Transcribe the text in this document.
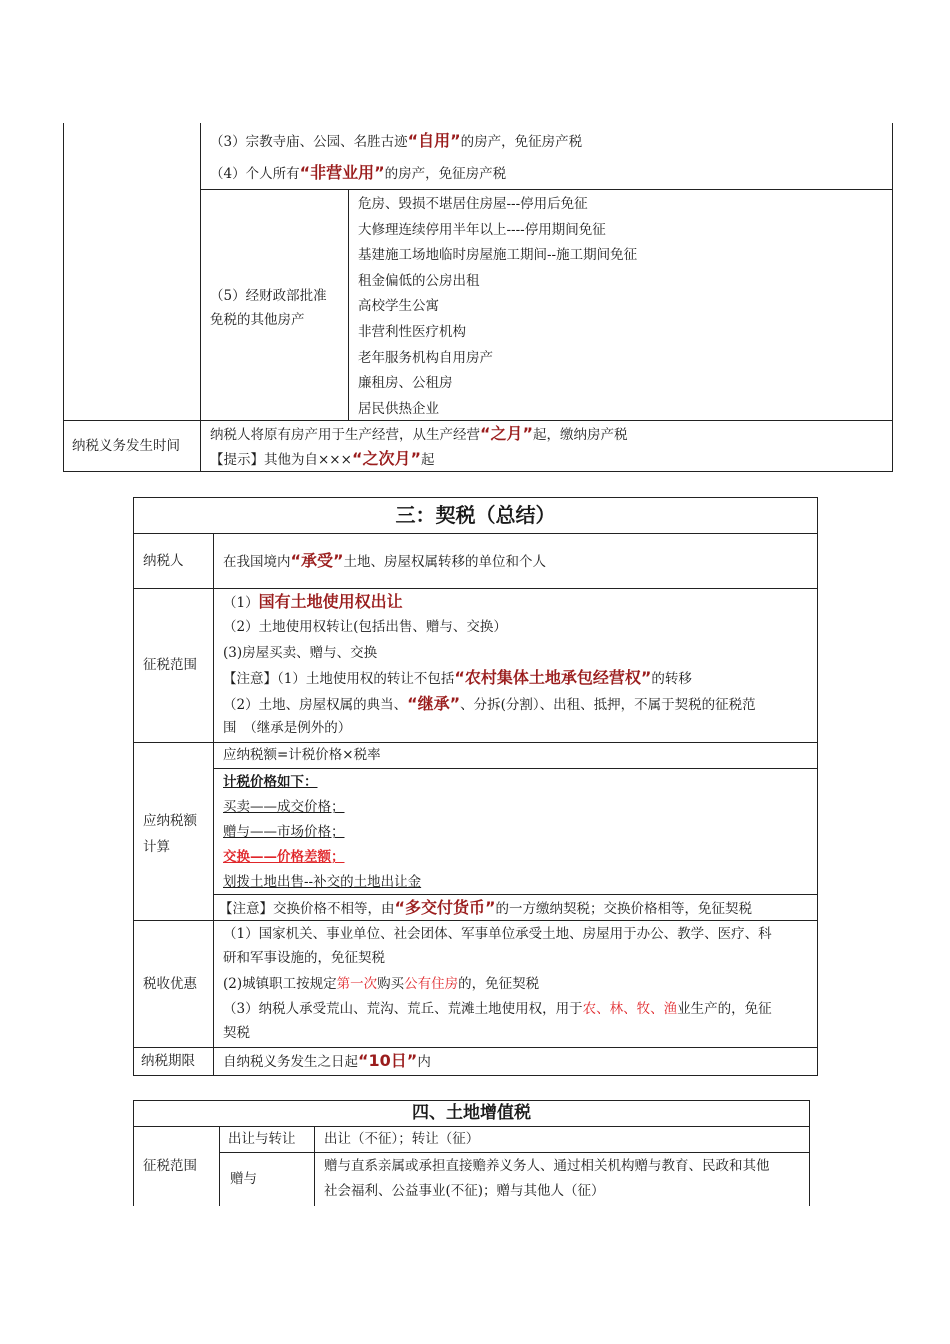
（3）宗教寺庙、公园、名胜古迹“自用”的房产，免征房产税
（4）个人所有“非营业用”的房产，免征房产税
（5）经财政部批准
免税的其他房产
危房、毁损不堪居住房屋---停用后免征
大修理连续停用半年以上----停用期间免征
基建施工场地临时房屋施工期间--施工期间免征
租金偏低的公房出租
高校学生公寓
非营利性医疗机构
老年服务机构自用房产
廉租房、公租房
居民供热企业
纳税义务发生时间
纳税人将原有房产用于生产经营，从生产经营“之月”起，缴纳房产税
【提示】其他为自×××“之次月”起
三：契税（总结）
纳税人	在我国境内“承受”土地、房屋权属转移的单位和个人
征税范围
（1）国有土地使用权出让
（2）土地使用权转让(包括出售、赠与、交换）
(3)房屋买卖、赠与、交换
【注意】（1）土地使用权的转让不包括“农村集体土地承包经营权”的转移
（2）土地、房屋权属的典当、“继承”、分拆(分割）、出租、抵押，不属于契税的征税范
围　（继承是例外的）
应纳税额
计算
应纳税额=计税价格×税率
计税价格如下：
买卖——成交价格；
赠与——市场价格；
交换——价格差额；
划拨土地出售--补交的土地出让金
【注意】交换价格不相等，由“多交付货币”的一方缴纳契税；交换价格相等，免征契税
税收优惠
（1）国家机关、事业单位、社会团体、军事单位承受土地、房屋用于办公、教学、医疗、科
研和军事设施的，免征契税
(2)城镇职工按规定第一次购买公有住房的，免征契税
（3）纳税人承受荒山、荒沟、荒丘、荒滩土地使用权，用于农、林、牧、渔业生产的，免征
契税
纳税期限 自纳税义务发生之日起“10日”内
四、土地增值税
征税范围
出让与转让 出让（不征）；转让（征）
赠与
赠与直系亲属或承担直接赡养义务人、通过相关机构赠与教育、民政和其他
社会福利、公益事业(不征)；赠与其他人（征）
